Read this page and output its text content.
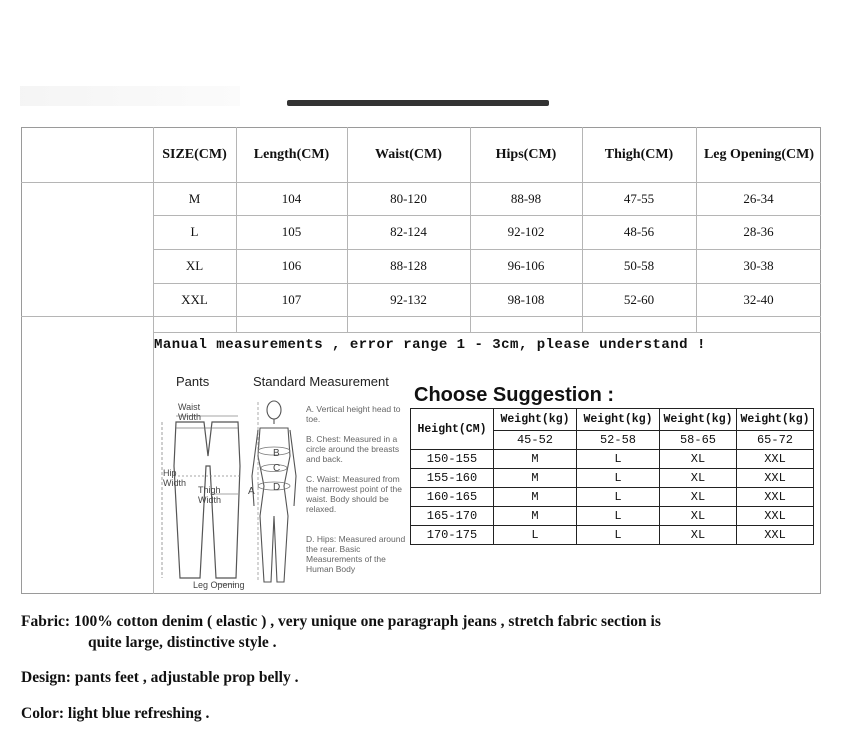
SIZE(CM)	Length(CM)	Waist(CM)	Hips(CM)	Thigh(CM)	Leg Opening(CM)
M	104	80-120	88-98	47-55	26-34
L	105	82-124	92-102	48-56	28-36
XL	106	88-128	96-106	50-58	30-38
XXL	107	92-132	98-108	52-60	32-40
Manual measurements , error range 1 - 3cm, please understand !
Pants	Standard Measurement
Waist Width
Hip Width
Thigh Width
Leg Opening
A
B
C
D
A. Vertical height head to toe.
B. Chest: Measured in a circle around the breasts and back.
C. Waist: Measured from the narrowest point of the waist. Body should be relaxed.
D. Hips: Measured around the rear. Basic Measurements of the Human Body
Choose Suggestion :
Height(CM)	Weight(kg)	Weight(kg)	Weight(kg)	Weight(kg)
	45-52	52-58	58-65	65-72
150-155	M	L	XL	XXL
155-160	M	L	XL	XXL
160-165	M	L	XL	XXL
165-170	M	L	XL	XXL
170-175	L	L	XL	XXL
Fabric: 100% cotton denim ( elastic ) , very unique one paragraph jeans , stretch fabric section is
quite large, distinctive style .
Design: pants feet , adjustable prop belly .
Color: light blue refreshing .
